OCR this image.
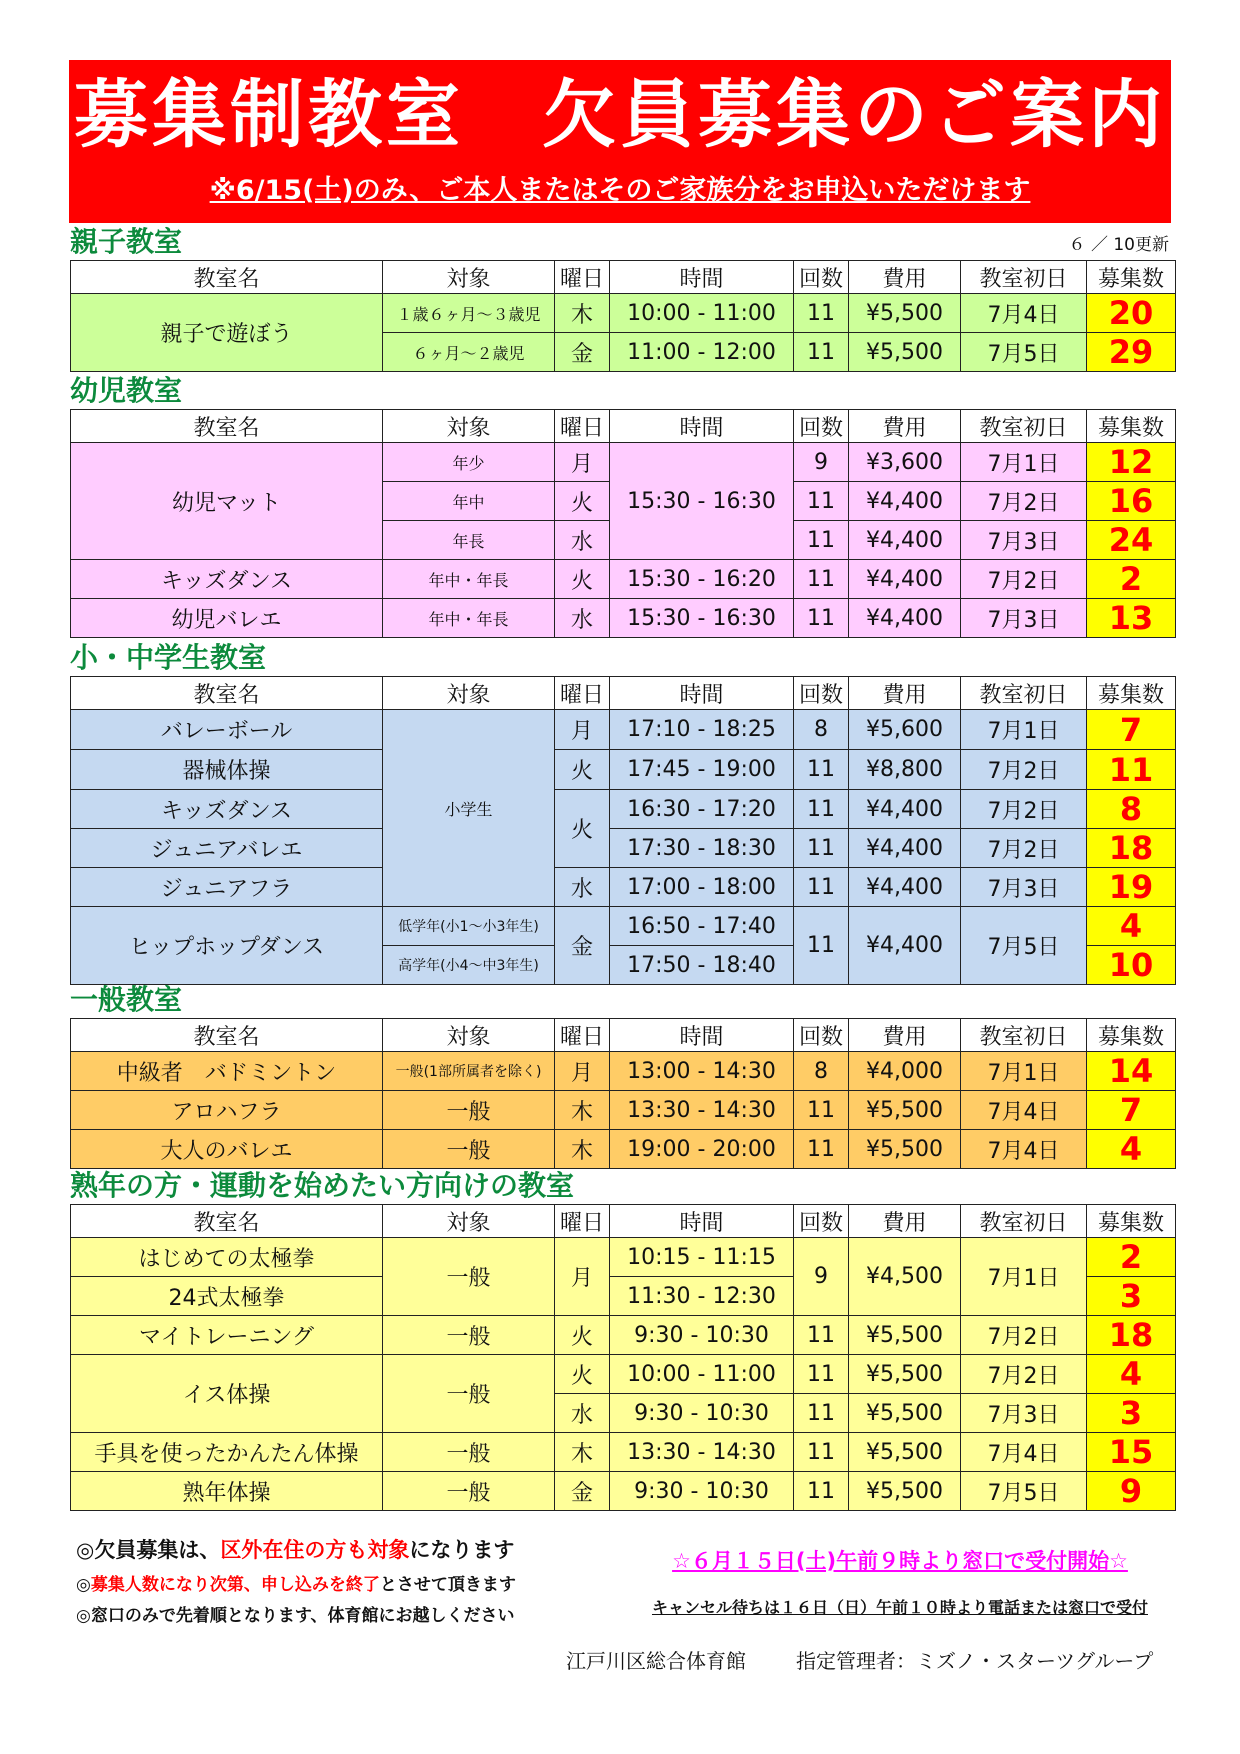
募集制教室　欠員募集のご案内
※6/15(土)のみ、ご本人またはそのご家族分をお申込いただけます
親子教室	６ ／ 10更新
教室名	対象	曜日	時間	回数	費用	教室初日	募集数
親子で遊ぼう	１歳６ヶ月～３歳児	木	10:00 - 11:00	11	¥5,500	7月4日	20
	６ヶ月～２歳児	金	11:00 - 12:00	11	¥5,500	7月5日	29
幼児教室
教室名	対象	曜日	時間	回数	費用	教室初日	募集数
幼児マット	年少	月	15:30 - 16:30	9	¥3,600	7月1日	12
	年中	火		11	¥4,400	7月2日	16
	年長	水		11	¥4,400	7月3日	24
キッズダンス	年中・年長	火	15:30 - 16:20	11	¥4,400	7月2日	2
幼児バレエ	年中・年長	水	15:30 - 16:30	11	¥4,400	7月3日	13
小・中学生教室
教室名	対象	曜日	時間	回数	費用	教室初日	募集数
バレーボール	小学生	月	17:10 - 18:25	8	¥5,600	7月1日	7
器械体操		火	17:45 - 19:00	11	¥8,800	7月2日	11
キッズダンス		火	16:30 - 17:20	11	¥4,400	7月2日	8
ジュニアバレエ			17:30 - 18:30	11	¥4,400	7月2日	18
ジュニアフラ		水	17:00 - 18:00	11	¥4,400	7月3日	19
ヒップホップダンス	低学年(小1～小3年生)	金	16:50 - 17:40	11	¥4,400	7月5日	4
	高学年(小4～中3年生)		17:50 - 18:40				10
一般教室
教室名	対象	曜日	時間	回数	費用	教室初日	募集数
中級者　バドミントン	一般(1部所属者を除く)	月	13:00 - 14:30	8	¥4,000	7月1日	14
アロハフラ	一般	木	13:30 - 14:30	11	¥5,500	7月4日	7
大人のバレエ	一般	木	19:00 - 20:00	11	¥5,500	7月4日	4
熟年の方・運動を始めたい方向けの教室
教室名	対象	曜日	時間	回数	費用	教室初日	募集数
はじめての太極拳	一般	月	10:15 - 11:15	9	¥4,500	7月1日	2
24式太極拳			11:30 - 12:30				3
マイトレーニング	一般	火	9:30 - 10:30	11	¥5,500	7月2日	18
イス体操	一般	火	10:00 - 11:00	11	¥5,500	7月2日	4
		水	9:30 - 10:30	11	¥5,500	7月3日	3
手具を使ったかんたん体操	一般	木	13:30 - 14:30	11	¥5,500	7月4日	15
熟年体操	一般	金	9:30 - 10:30	11	¥5,500	7月5日	9
◎欠員募集は、区外在住の方も対象になります
◎募集人数になり次第、申し込みを終了とさせて頂きます
◎窓口のみで先着順となります、体育館にお越しください
☆６月１５日(土)午前９時より窓口で受付開始☆
キャンセル待ちは１６日（日）午前１０時より電話または窓口で受付
江戸川区総合体育館	指定管理者：ミズノ・スターツグループ
